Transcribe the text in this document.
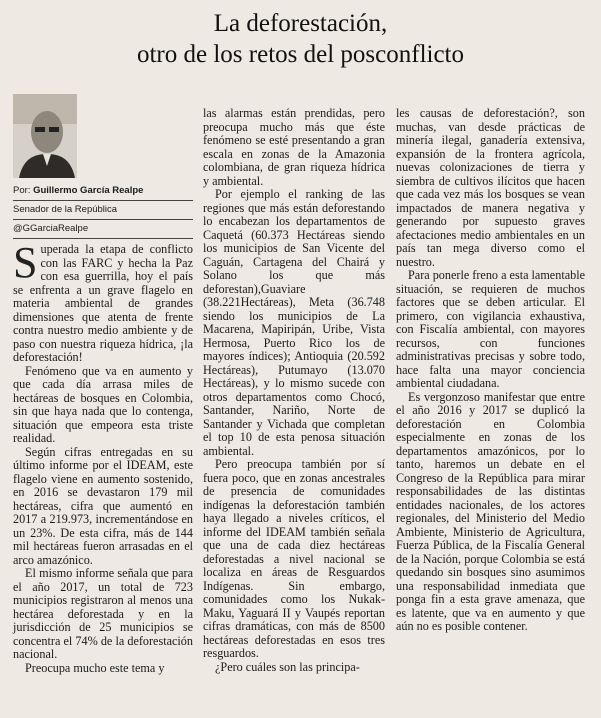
La deforestación,
otro de los retos del posconflicto
Por: Guillermo García Realpe
Senador de la República
@GGarciaRealpe

Superada la etapa de conflicto con las FARC y hecha la Paz con esa guerrilla, hoy el país se enfrenta a un grave flagelo en materia ambiental de grandes dimensiones que atenta de frente contra nuestro medio ambiente y de paso con nuestra riqueza hídrica, ¡la deforestación!

Fenómeno que va en aumento y que cada día arrasa miles de hectáreas de bosques en Colombia, sin que haya nada que lo contenga, situación que empeora esta triste realidad.

Según cifras entregadas en su último informe por el IDEAM, este flagelo viene en aumento sostenido, en 2016 se devastaron 179 mil hectáreas, cifra que aumentó en 2017 a 219.973, incrementándose en un 23%. De esta cifra, más de 144 mil hectáreas fueron arrasadas en el arco amazónico.

El mismo informe señala que para el año 2017, un total de 723 municipios registraron al menos una hectárea deforestada y en la jurisdicción de 25 municipios se concentra el 74% de la deforestación nacional.

Preocupa mucho este tema y

las alarmas están prendidas, pero preocupa mucho más que éste fenómeno se esté presentando a gran escala en zonas de la Amazonia colombiana, de gran riqueza hídrica y ambiental.

Por ejemplo el ranking de las regiones que más están deforestando lo encabezan los departamentos de Caquetá (60.373 Hectáreas siendo los municipios de San Vicente del Caguán, Cartagena del Chairá y Solano los que más deforestan),Guaviare (38.221Hectáreas), Meta (36.748 siendo los municipios de La Macarena, Mapiripán, Uribe, Vista Hermosa, Puerto Rico los de mayores índices); Antioquia (20.592 Hectáreas), Putumayo (13.070 Hectáreas), y lo mismo sucede con otros departamentos como Chocó, Santander, Nariño, Norte de Santander y Vichada que completan el top 10 de esta penosa situación ambiental.

Pero preocupa también por sí fuera poco, que en zonas ancestrales de presencia de comunidades indígenas la deforestación también haya llegado a niveles críticos, el informe del IDEAM también señala que una de cada diez hectáreas deforestadas a nivel nacional se localiza en áreas de Resguardos Indígenas. Sin embargo, comunidades como los Nukak-Maku, Yaguará II y Vaupés reportan cifras dramáticas, con más de 8500 hectáreas deforestadas en esos tres resguardos.

¿Pero cuáles son las principa-

les causas de deforestación?, son muchas, van desde prácticas de minería ilegal, ganadería extensiva, expansión de la frontera agrícola, nuevas colonizaciones de tierra y siembra de cultivos ilícitos que hacen que cada vez más los bosques se vean impactados de manera negativa y generando por supuesto graves afectaciones medio ambientales en un país tan mega diverso como el nuestro.

Para ponerle freno a esta lamentable situación, se requieren de muchos factores que se deben articular. El primero, con vigilancia exhaustiva, con Fiscalía ambiental, con mayores recursos, con funciones administrativas precisas y sobre todo, hace falta una mayor conciencia ambiental ciudadana.

Es vergonzoso manifestar que entre el año 2016 y 2017 se duplicó la deforestación en Colombia especialmente en zonas de los departamentos amazónicos, por lo tanto, haremos un debate en el Congreso de la República para mirar responsabilidades de las distintas entidades nacionales, de los actores regionales, del Ministerio del Medio Ambiente, Ministerio de Agricultura, Fuerza Pública, de la Fiscalía General de la Nación, porque Colombia se está quedando sin bosques sino asumimos una responsabilidad inmediata que ponga fin a esta grave amenaza, que es latente, que va en aumento y que aún no es posible contener.
